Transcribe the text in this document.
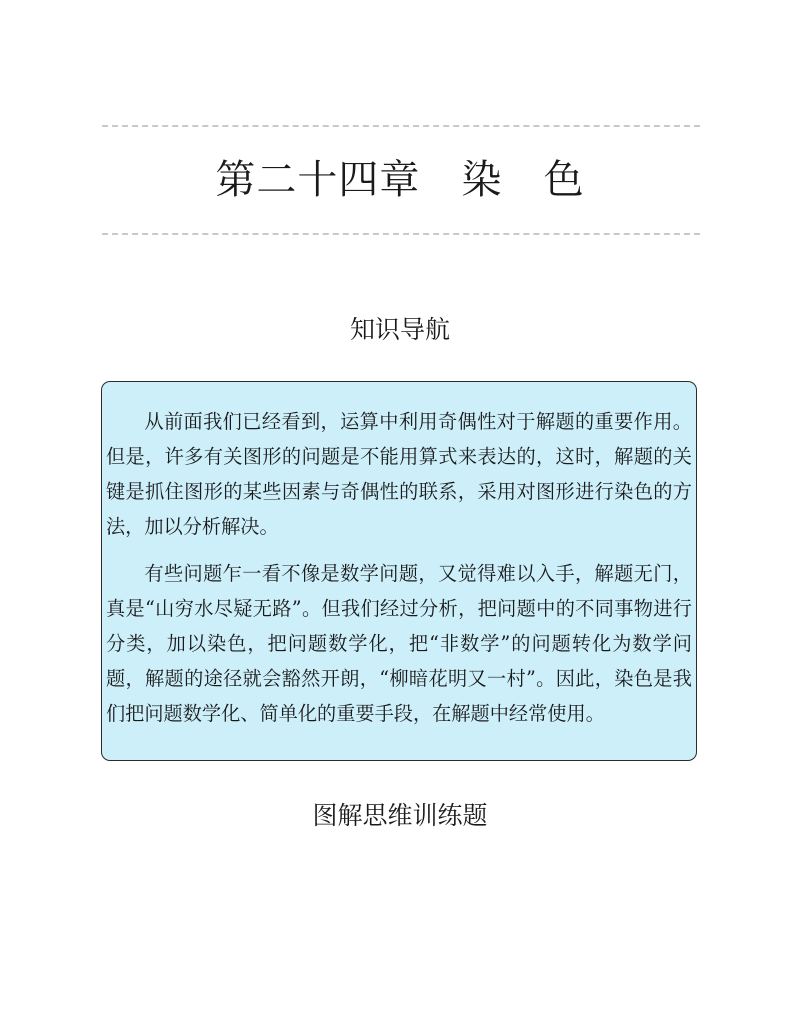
第二十四章   染   色
知识导航

从前面我们已经看到，运算中利用奇偶性对于解题的重要作用。但是，许多有关图形的问题是不能用算式来表达的，这时，解题的关键是抓住图形的某些因素与奇偶性的联系，采用对图形进行染色的方法，加以分析解决。

有些问题乍一看不像是数学问题，又觉得难以入手，解题无门，真是“山穷水尽疑无路”。但我们经过分析，把问题中的不同事物进行分类，加以染色，把问题数学化，把“非数学”的问题转化为数学问题，解题的途径就会豁然开朗，“柳暗花明又一村”。因此，染色是我们把问题数学化、简单化的重要手段，在解题中经常使用。

图解思维训练题
